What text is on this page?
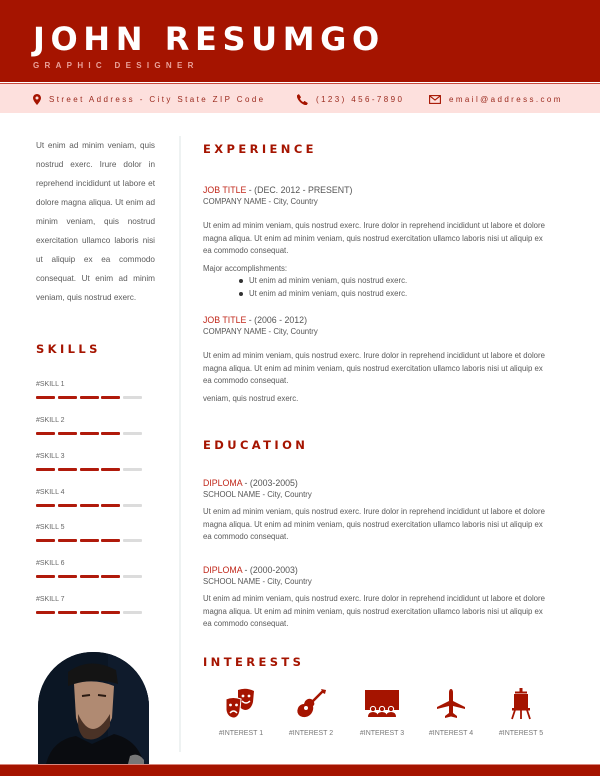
JOHN RESUMGO
GRAPHIC DESIGNER
Street Address - City State ZIP Code	(123) 456-7890	email@address.com
Ut enim ad minim veniam, quis nostrud exerc. Irure dolor in reprehend incididunt ut labore et dolore magna aliqua. Ut enim ad minim veniam, quis nostrud exercitation ullamco laboris nisi ut aliquip ex ea commodo consequat. Ut enim ad minim veniam, quis nostrud exerc.
SKILLS
#SKILL 1
#SKILL 2
#SKILL 3
#SKILL 4
#SKILL 5
#SKILL 6
#SKILL 7
EXPERIENCE
JOB TITLE - (DEC. 2012 - PRESENT)
COMPANY NAME - City, Country
Ut enim ad minim veniam, quis nostrud exerc. Irure dolor in reprehend incididunt ut labore et dolore magna aliqua. Ut enim ad minim veniam, quis nostrud exercitation ullamco laboris nisi ut aliquip ex ea commodo consequat.
Major accomplishments:
Ut enim ad minim veniam, quis nostrud exerc.
Ut enim ad minim veniam, quis nostrud exerc.
JOB TITLE - (2006 - 2012)
COMPANY NAME - City, Country
Ut enim ad minim veniam, quis nostrud exerc. Irure dolor in reprehend incididunt ut labore et dolore magna aliqua. Ut enim ad minim veniam, quis nostrud exercitation ullamco laboris nisi ut aliquip ex ea commodo consequat.
veniam, quis nostrud exerc.
EDUCATION
DIPLOMA - (2003-2005)
SCHOOL NAME - City, Country
Ut enim ad minim veniam, quis nostrud exerc. Irure dolor in reprehend incididunt ut labore et dolore magna aliqua. Ut enim ad minim veniam, quis nostrud exercitation ullamco laboris nisi ut aliquip ex ea commodo consequat.
DIPLOMA - (2000-2003)
SCHOOL NAME - City, Country
Ut enim ad minim veniam, quis nostrud exerc. Irure dolor in reprehend incididunt ut labore et dolore magna aliqua. Ut enim ad minim veniam, quis nostrud exercitation ullamco laboris nisi ut aliquip ex ea commodo consequat.
INTERESTS
#INTEREST 1	#INTEREST 2	#INTEREST 3	#INTEREST 4	#INTEREST 5
